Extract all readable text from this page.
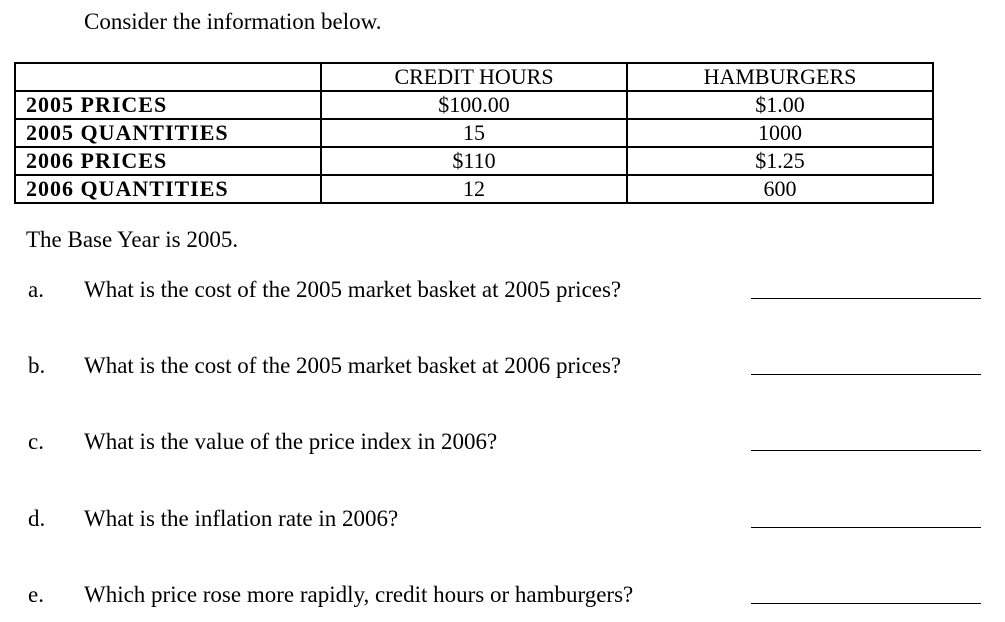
Consider the information below.
	CREDIT HOURS	HAMBURGERS
2005 PRICES	$100.00	$1.00
2005 QUANTITIES	15	1000
2006 PRICES	$110	$1.25
2006 QUANTITIES	12	600
The Base Year is 2005.
a. What is the cost of the 2005 market basket at 2005 prices?
b. What is the cost of the 2005 market basket at 2006 prices?
c. What is the value of the price index in 2006?
d. What is the inflation rate in 2006?
e. Which price rose more rapidly, credit hours or hamburgers?
